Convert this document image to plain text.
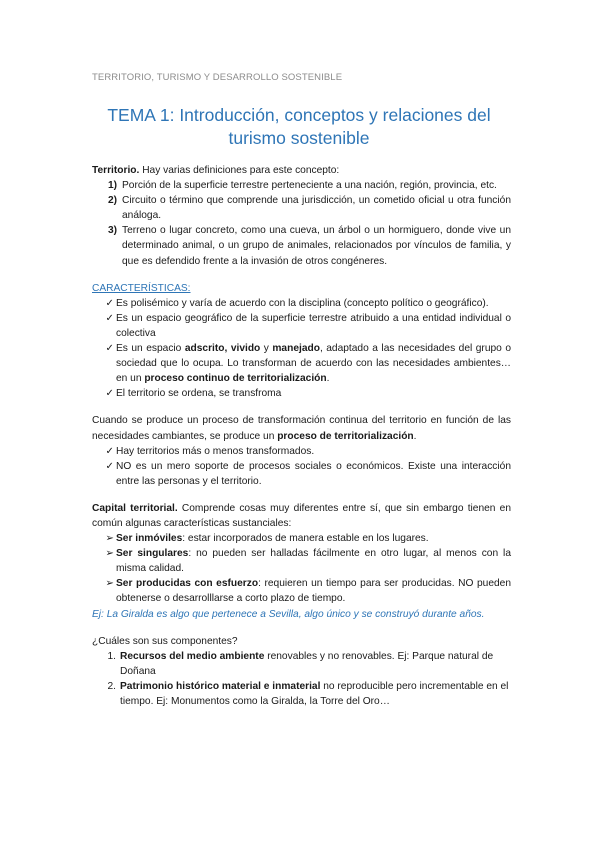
TERRITORIO, TURISMO Y DESARROLLO SOSTENIBLE
TEMA 1: Introducción, conceptos y relaciones del turismo sostenible

Territorio. Hay varias definiciones para este concepto:

1) Porción de la superficie terrestre perteneciente a una nación, región, provincia, etc.
2) Circuito o término que comprende una jurisdicción, un cometido oficial u otra función análoga.
3) Terreno o lugar concreto, como una cueva, un árbol o un hormiguero, donde vive un determinado animal, o un grupo de animales, relacionados por vínculos de familia, y que es defendido frente a la invasión de otros congéneres.

CARACTERÍSTICAS:

✓ Es polisémico y varía de acuerdo con la disciplina (concepto político o geográfico).
✓ Es un espacio geográfico de la superficie terrestre atribuido a una entidad individual o colectiva
✓ Es un espacio adscrito, vivido y manejado, adaptado a las necesidades del grupo o sociedad que lo ocupa. Lo transforman de acuerdo con las necesidades ambientes… en un proceso continuo de territorialización.
✓ El territorio se ordena, se transfroma

Cuando se produce un proceso de transformación continua del territorio en función de las necesidades cambiantes, se produce un proceso de territorialización.

✓ Hay territorios más o menos transformados.
✓ NO es un mero soporte de procesos sociales o económicos. Existe una interacción entre las personas y el territorio.

Capital territorial. Comprende cosas muy diferentes entre sí, que sin embargo tienen en común algunas características sustanciales:

➢ Ser inmóviles: estar incorporados de manera estable en los lugares.
➢ Ser singulares: no pueden ser halladas fácilmente en otro lugar, al menos con la misma calidad.
➢ Ser producidas con esfuerzo: requieren un tiempo para ser producidas. NO pueden obtenerse o desarrolllarse a corto plazo de tiempo.

Ej: La Giralda es algo que pertenece a Sevilla, algo único y se construyó durante años.

¿Cuáles son sus componentes?

1. Recursos del medio ambiente renovables y no renovables. Ej: Parque natural de Doñana
2. Patrimonio histórico material e inmaterial no reproducible pero incrementable en el tiempo. Ej: Monumentos como la Giralda, la Torre del Oro…
